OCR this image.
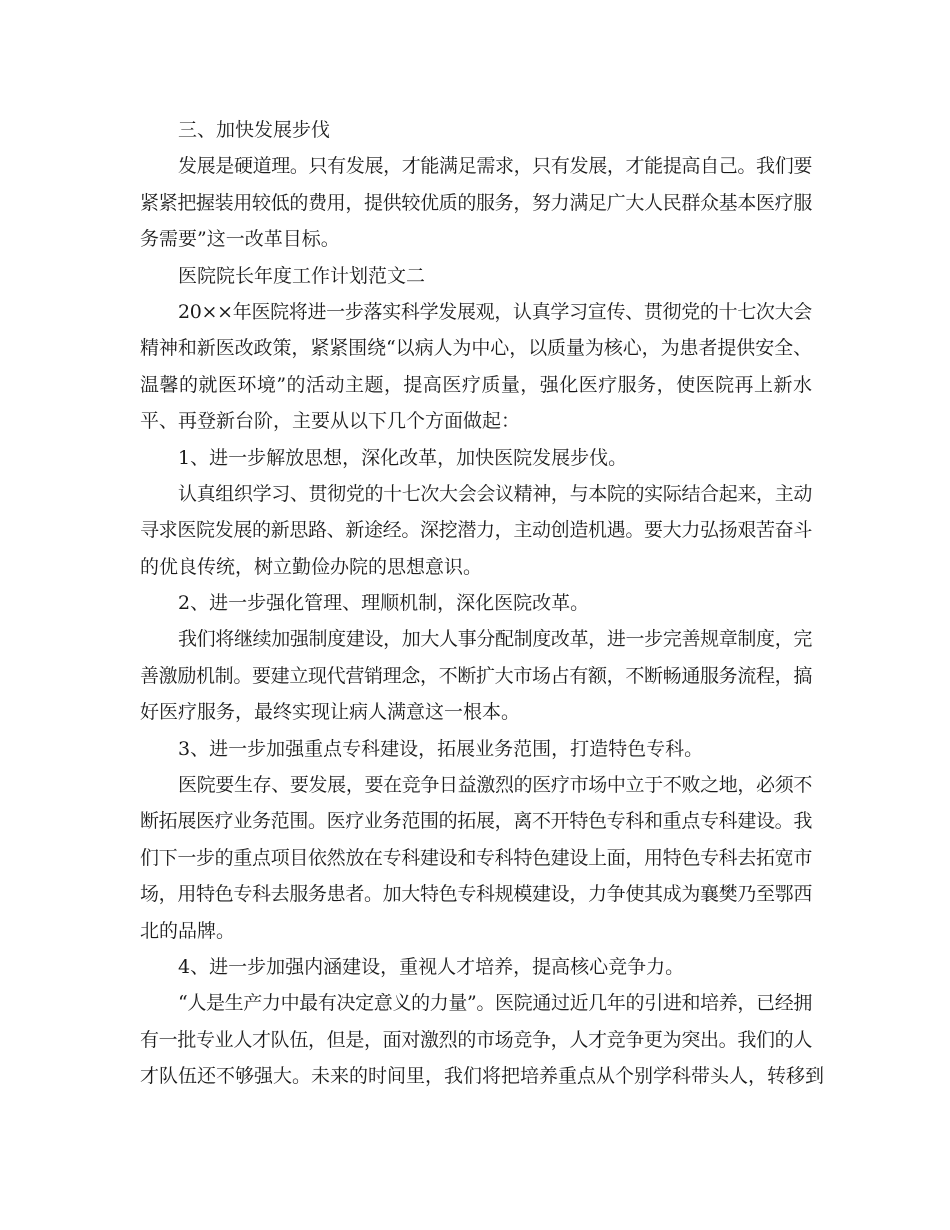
三、加快发展步伐
发展是硬道理。只有发展，才能满足需求，只有发展，才能提高自己。我们要
紧紧把握装用较低的费用，提供较优质的服务，努力满足广大人民群众基本医疗服
务需要”这一改革目标。
医院院长年度工作计划范文二
20××年医院将进一步落实科学发展观，认真学习宣传、贯彻党的十七次大会
精神和新医改政策，紧紧围绕“以病人为中心，以质量为核心，为患者提供安全、
温馨的就医环境”的活动主题，提高医疗质量，强化医疗服务，使医院再上新水
平、再登新台阶，主要从以下几个方面做起：
1、进一步解放思想，深化改革，加快医院发展步伐。
认真组织学习、贯彻党的十七次大会会议精神，与本院的实际结合起来，主动
寻求医院发展的新思路、新途经。深挖潜力，主动创造机遇。要大力弘扬艰苦奋斗
的优良传统，树立勤俭办院的思想意识。
2、进一步强化管理、理顺机制，深化医院改革。
我们将继续加强制度建设，加大人事分配制度改革，进一步完善规章制度，完
善激励机制。要建立现代营销理念，不断扩大市场占有额，不断畅通服务流程，搞
好医疗服务，最终实现让病人满意这一根本。
3、进一步加强重点专科建设，拓展业务范围，打造特色专科。
医院要生存、要发展，要在竞争日益激烈的医疗市场中立于不败之地，必须不
断拓展医疗业务范围。医疗业务范围的拓展，离不开特色专科和重点专科建设。我
们下一步的重点项目依然放在专科建设和专科特色建设上面，用特色专科去拓宽市
场，用特色专科去服务患者。加大特色专科规模建设，力争使其成为襄樊乃至鄂西
北的品牌。
4、进一步加强内涵建设，重视人才培养，提高核心竞争力。
“人是生产力中最有决定意义的力量”。医院通过近几年的引进和培养，已经拥
有一批专业人才队伍，但是，面对激烈的市场竞争，人才竞争更为突出。我们的人
才队伍还不够强大。未来的时间里，我们将把培养重点从个别学科带头人，转移到
